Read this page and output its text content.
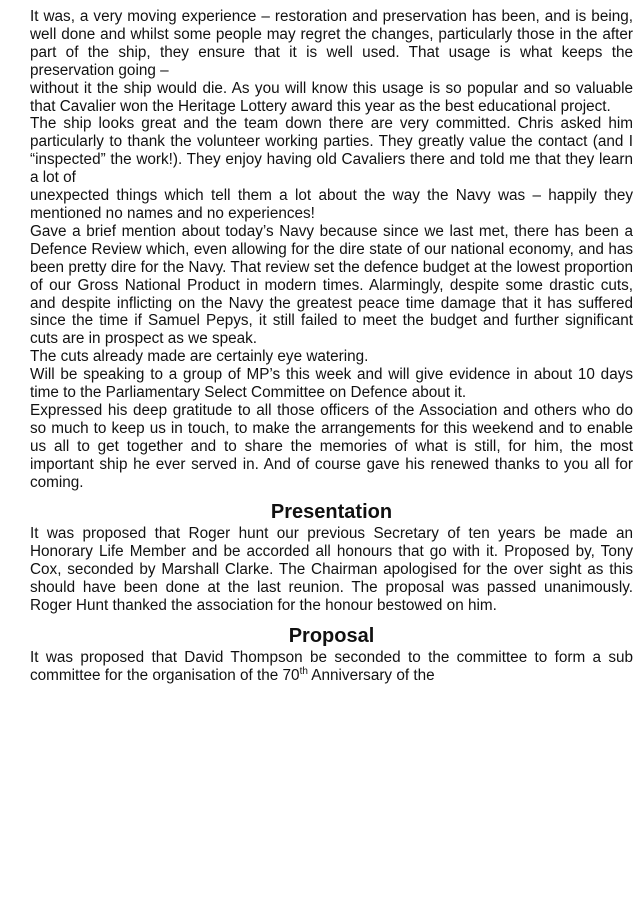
It was, a very moving experience – restoration and preservation has been, and is being, well done and whilst some people may regret the changes, particularly those in the after part of the ship, they ensure that it is well used. That usage is what keeps the preservation going –
without it the ship would die. As you will know this usage is so popular and so valuable that Cavalier won the Heritage Lottery award this year as the best educational project.

The ship looks great and the team down there are very committed. Chris asked him particularly to thank the volunteer working parties. They greatly value the contact (and I “inspected” the work!). They enjoy having old Cavaliers there and told me that they learn a lot of
unexpected things which tell them a lot about the way the Navy was – happily they mentioned no names and no experiences!

Gave a brief mention about today’s Navy because since we last met, there has been a Defence Review which, even allowing for the dire state of our national economy, and has been pretty dire for the Navy. That review set the defence budget at the lowest proportion of our Gross National Product in modern times. Alarmingly, despite some drastic cuts, and despite inflicting on the Navy the greatest peace time damage that it has suffered since the time if Samuel Pepys, it still failed to meet the budget and further significant cuts are in prospect as we speak.

The cuts already made are certainly eye watering.

Will be speaking to a group of MP’s this week and will give evidence in about 10 days time to the Parliamentary Select Committee on Defence about it.

Expressed his deep gratitude to all those officers of the Association and others who do so much to keep us in touch, to make the arrangements for this weekend and to enable us all to get together and to share the memories of what is still, for him, the most important ship he ever served in. And of course gave his renewed thanks to you all for coming.

Presentation

It was proposed that Roger hunt our previous Secretary of ten years be made an Honorary Life Member and be accorded all honours that go with it. Proposed by, Tony Cox, seconded by Marshall Clarke. The Chairman apologised for the over sight as this should have been done at the last reunion. The proposal was passed unanimously. Roger Hunt thanked the association for the honour bestowed on him.

Proposal

It was proposed that David Thompson be seconded to the committee to form a sub committee for the organisation of the 70th Anniversary of the
